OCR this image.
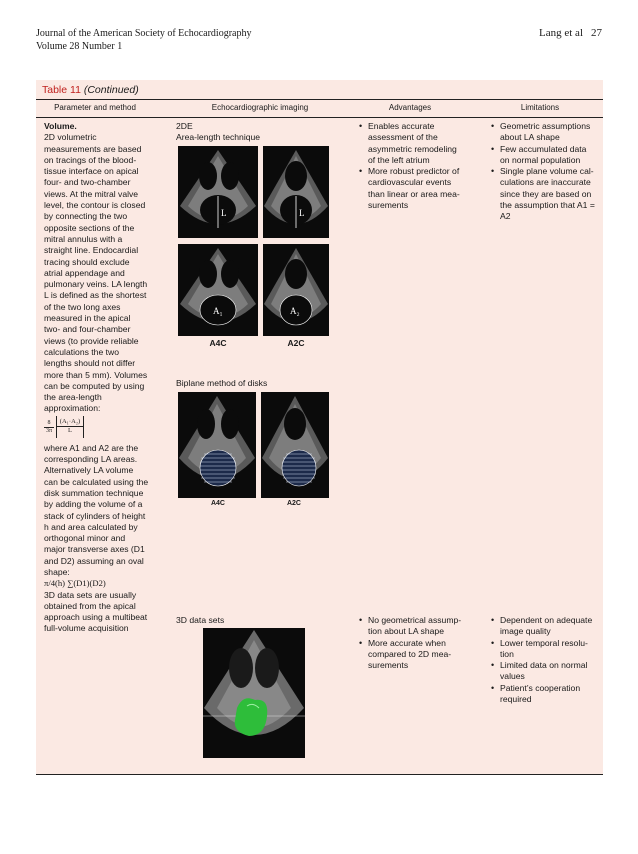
Journal of the American Society of Echocardiography
Volume 28 Number 1
Lang et al 27
Table 11 (Continued)
Parameter and method	Echocardiographic imaging	Advantages	Limitations
Volume.
2D volumetric
measurements are based
on tracings of the blood-
tissue interface on apical
four- and two-chamber
views. At the mitral valve
level, the contour is closed
by connecting the two
opposite sections of the
mitral annulus with a
straight line. Endocardial
tracing should exclude
atrial appendage and
pulmonary veins. LA length
L is defined as the shortest
of the two long axes
measured in the apical
two- and four-chamber
views (to provide reliable
calculations the two
lengths should not differ
more than 5 mm). Volumes
can be computed by using
the area-length
approximation:
$\frac{8}{3\pi} \frac{\text{(A₁·A₂)}}{L}$
where A1 and A2 are the
corresponding LA areas.
Alternatively LA volume
can be calculated using the
disk summation technique
by adding the volume of a
stack of cylinders of height
h and area calculated by
orthogonal minor and
major transverse axes (D1
and D2) assuming an oval
shape:
π/4(h) ∑(D1)(D2)
3D data sets are usually
obtained from the apical
approach using a multibeat
full-volume acquisition
2DE
Area-length technique
L	L
A₁	A₂
A4C	A2C
Biplane method of disks
A4C	A2C
• Enables accurate
assessment of the
asymmetric remodeling
of the left atrium
• More robust predictor of
cardiovascular events
than linear or area mea-
surements
• Geometric assumptions
about LA shape
• Few accumulated data
on normal population
• Single plane volume cal-
culations are inaccurate
since they are based on
the assumption that A1 =
A2
3D data sets
•	No geometrical assump-
tion about LA shape
• More accurate when
compared to 2D mea-
surements
• Dependent on adequate
image quality
• Lower temporal resolu-
tion
• Limited data on normal
values
• Patient’s cooperation
required
